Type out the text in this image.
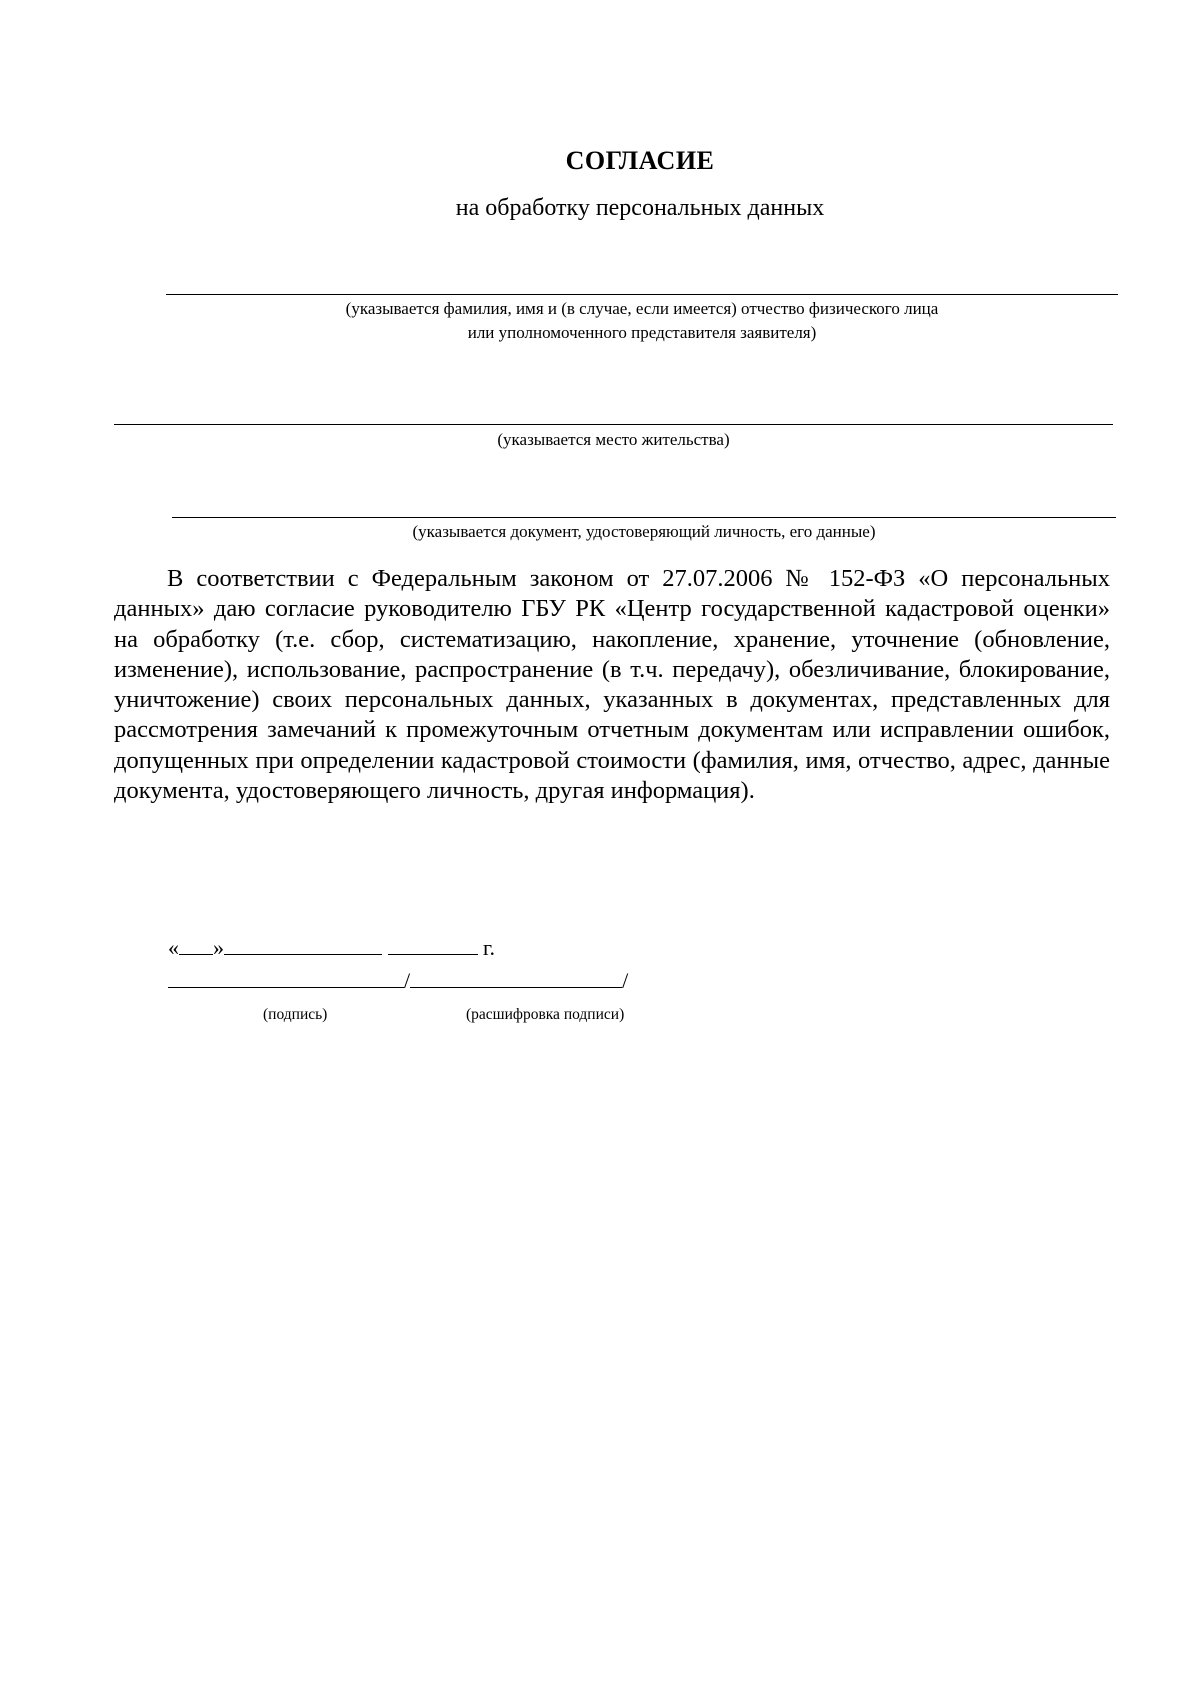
СОГЛАСИЕ
на обработку персональных данных
(указывается фамилия, имя и (в случае, если имеется) отчество физического лица
или уполномоченного представителя заявителя)
(указывается место жительства)
(указывается документ, удостоверяющий личность, его данные)
В соответствии с Федеральным законом от 27.07.2006 № 152-ФЗ «О персональных данных» даю согласие руководителю ГБУ РК «Центр государственной кадастровой оценки» на обработку (т.е. сбор, систематизацию, накопление, хранение, уточнение (обновление, изменение), использование, распространение (в т.ч. передачу), обезличивание, блокирование, уничтожение) своих персональных данных, указанных в документах, представленных для рассмотрения замечаний к промежуточным отчетным документам или исправлении ошибок, допущенных при определении кадастровой стоимости (фамилия, имя, отчество, адрес, данные документа, удостоверяющего личность, другая информация).
« »	г.
/	/
(подпись)	(расшифровка подписи)
